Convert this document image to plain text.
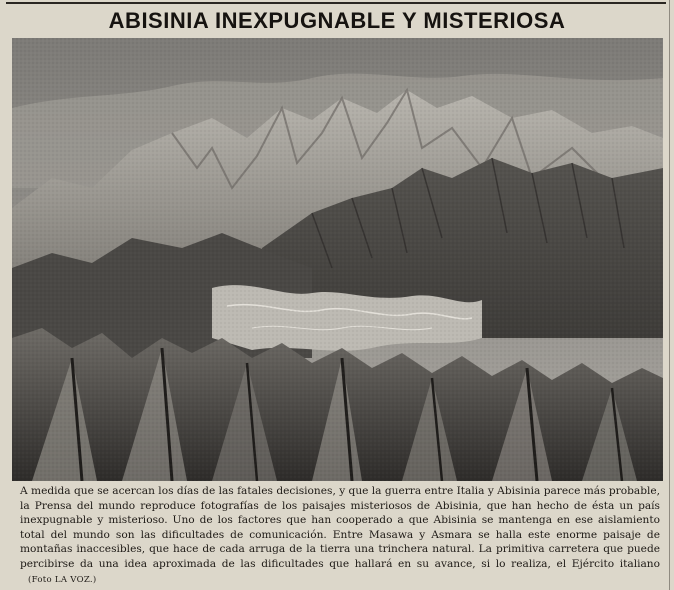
ABISINIA INEXPUGNABLE Y MISTERIOSA
A medida que se acercan los días de las fatales decisiones, y que la guerra entre Italia y Abisinia parece más probable, la Prensa del mundo reproduce fotografías de los paisajes misteriosos de Abisinia, que han hecho de ésta un país inexpugnable y misterioso. Uno de los factores que han cooperado a que Abisinia se mantenga en ese aislamiento total del mundo son las dificultades de comunicación. Entre Masawa y Asmara se halla este enorme paisaje de montañas inaccesibles, que hace de cada arruga de la tierra una trinchera natural. La primitiva carretera que puede percibirse da una idea aproximada de las dificultades que hallará en su avance, si lo realiza, el Ejército italiano (Foto LA VOZ.)
